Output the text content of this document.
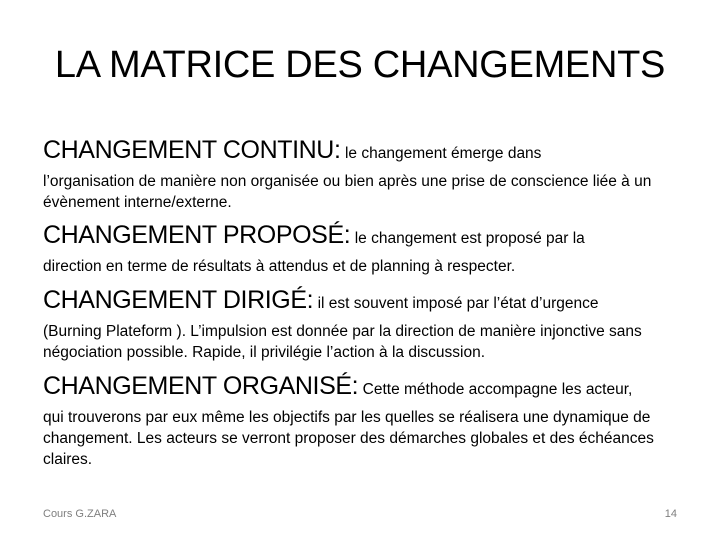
LA MATRICE DES CHANGEMENTS
CHANGEMENT CONTINU: le changement émerge dans
l’organisation de manière non organisée ou bien après une prise de conscience liée à un évènement interne/externe.
CHANGEMENT PROPOSÉ: le changement est proposé par la
direction en terme de résultats à attendus et de planning à respecter.
CHANGEMENT DIRIGÉ: il est souvent imposé par l’état d’urgence
(Burning Plateform ). L’impulsion est donnée par la direction de manière injonctive sans négociation possible. Rapide, il privilégie l’action à la discussion.
CHANGEMENT ORGANISÉ: Cette méthode accompagne les acteur,
qui trouverons par eux même les objectifs par les quelles se réalisera une dynamique de changement. Les acteurs se verront proposer des démarches globales et des échéances claires.
Cours G.ZARA	14
